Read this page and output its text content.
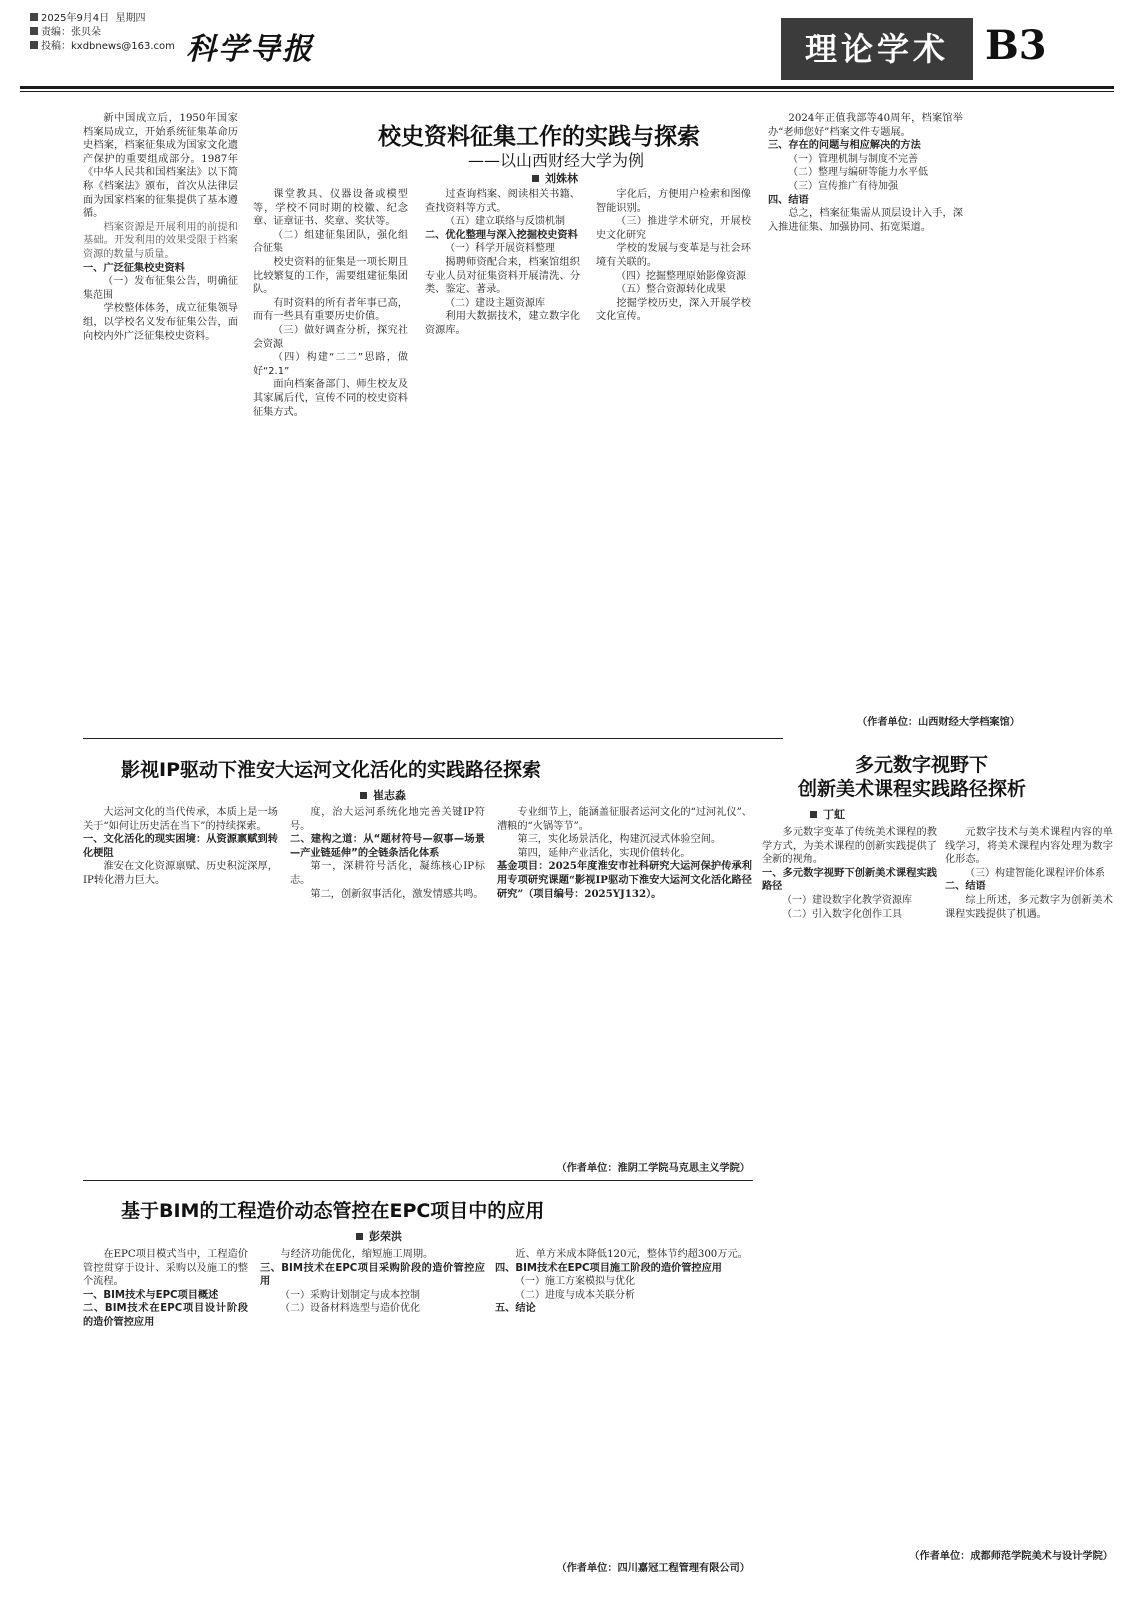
2025年9月4日 星期四
责编：张贝朵
投稿：kxdbnews@163.com 科学导报	理论学术 B3
校史资料征集工作的实践与探索
——以山西财经大学为例
刘姝林

新中国成立后，1950年国家档案局成立，开始系统征集革命历史档案，档案征集成为国家文化遗产保护的重要组成部分。1987年《中华人民共和国档案法》以下简称《档案法》颁布，首次从法律层面为国家档案的征集提供了基本遵循。

档案资源是开展利用的前提和基础。开发利用的效果受限于档案资源的数量与质量。

一、广泛征集校史资料

（一）发布征集公告，明确征集范围

学校整体体务，成立征集领导组，以学校名义发布征集公告，面向校内外广泛征集校史资料。

课堂教具、仪器设备或模型等，学校不同时期的校徽、纪念章、证章证书、奖章、奖状等。

（二）组建征集团队，强化组合征集

校史资料的征集是一项长期且比较繁复的工作，需要组建征集团队。

有时资料的所有者年事已高，而有一些具有重要历史价值。

（三）做好调查分析，探究社会资源

（四）构建“二二”思路，做好“2.1”

面向档案备部门、师生校友及其家属后代，宣传不同的校史资料征集方式。

过查询档案、阅读相关书籍、查找资料等方式。

（五）建立联络与反馈机制

二、优化整理与深入挖掘校史资料

（一）科学开展资料整理

揭聘师资配合来，档案馆组织专业人员对征集资料开展清洗、分类、鉴定、著录。

（二）建设主题资源库

利用大数据技术，建立数字化资源库。

字化后，方便用户检索和图像智能识别。

（三）推进学术研究，开展校史文化研究

学校的发展与变革是与社会环境有关联的。

（四）挖掘整理原始影像资源

（五）整合资源转化成果

挖掘学校历史，深入开展学校文化宣传。

2024年正值我部等40周年，档案馆举办“老师您好”档案文件专题展。

三、存在的问题与相应解决的方法

（一）管理机制与制度不完善

（二）整理与编研等能力水平低

（三）宣传推广有待加强

四、结语

总之，档案征集需从顶层设计入手，深入推进征集、加强协同、拓宽渠道。

（作者单位：山西财经大学档案馆）

影视IP驱动下淮安大运河文化活化的实践路径探索
崔志淼

大运河文化的当代传承，本质上是一场关于“如何让历史活在当下”的持续探索。

一、文化活化的现实困境：从资源禀赋到转化梗阻

淮安在文化资源禀赋、历史积淀深厚，IP转化潜力巨大。

度，治大运河系统化地完善关键IP符号。

二、建构之道：从“题材符号—叙事—场景—产业链延伸”的全链条活化体系

第一，深耕符号活化，凝练核心IP标志。

第二，创新叙事活化，激发情感共鸣。

专业细节上，能涵盖征服者运河文化的“过河礼仪”、漕粮的“火锅等节”。

第三，实化场景活化，构建沉浸式体验空间。

第四，延伸产业活化，实现价值转化。

基金项目：2025年度淮安市社科研究大运河保护传承利用专项研究课题“影视IP驱动下淮安大运河文化活化路径研究”（项目编号：2025YJ132）。

（作者单位：淮阴工学院马克思主义学院）

多元数字视野下
创新美术课程实践路径探析
丁虹

多元数字变革了传统美术课程的教学方式，为美术课程的创新实践提供了全新的视角。

一、多元数字视野下创新美术课程实践路径

（一）建设数字化教学资源库

（二）引入数字化创作工具

元数字技术与美术课程内容的单线学习，将美术课程内容处理为数字化形态。

（三）构建智能化课程评价体系

二、结语

综上所述，多元数字为创新美术课程实践提供了机遇。

（作者单位：成都师范学院美术与设计学院）

基于BIM的工程造价动态管控在EPC项目中的应用
彭荣洪

在EPC项目模式当中，工程造价管控贯穿于设计、采购以及施工的整个流程。

一、BIM技术与EPC项目概述

二、BIM技术在EPC项目设计阶段的造价管控应用

与经济功能优化，缩短施工周期。

三、BIM技术在EPC项目采购阶段的造价管控应用

（一）采购计划制定与成本控制

（二）设备材料选型与造价优化

近、单方米成本降低120元，整体节约超300万元。

四、BIM技术在EPC项目施工阶段的造价管控应用

（一）施工方案模拟与优化

（二）进度与成本关联分析

五、结论

（作者单位：四川嘉冠工程管理有限公司）
